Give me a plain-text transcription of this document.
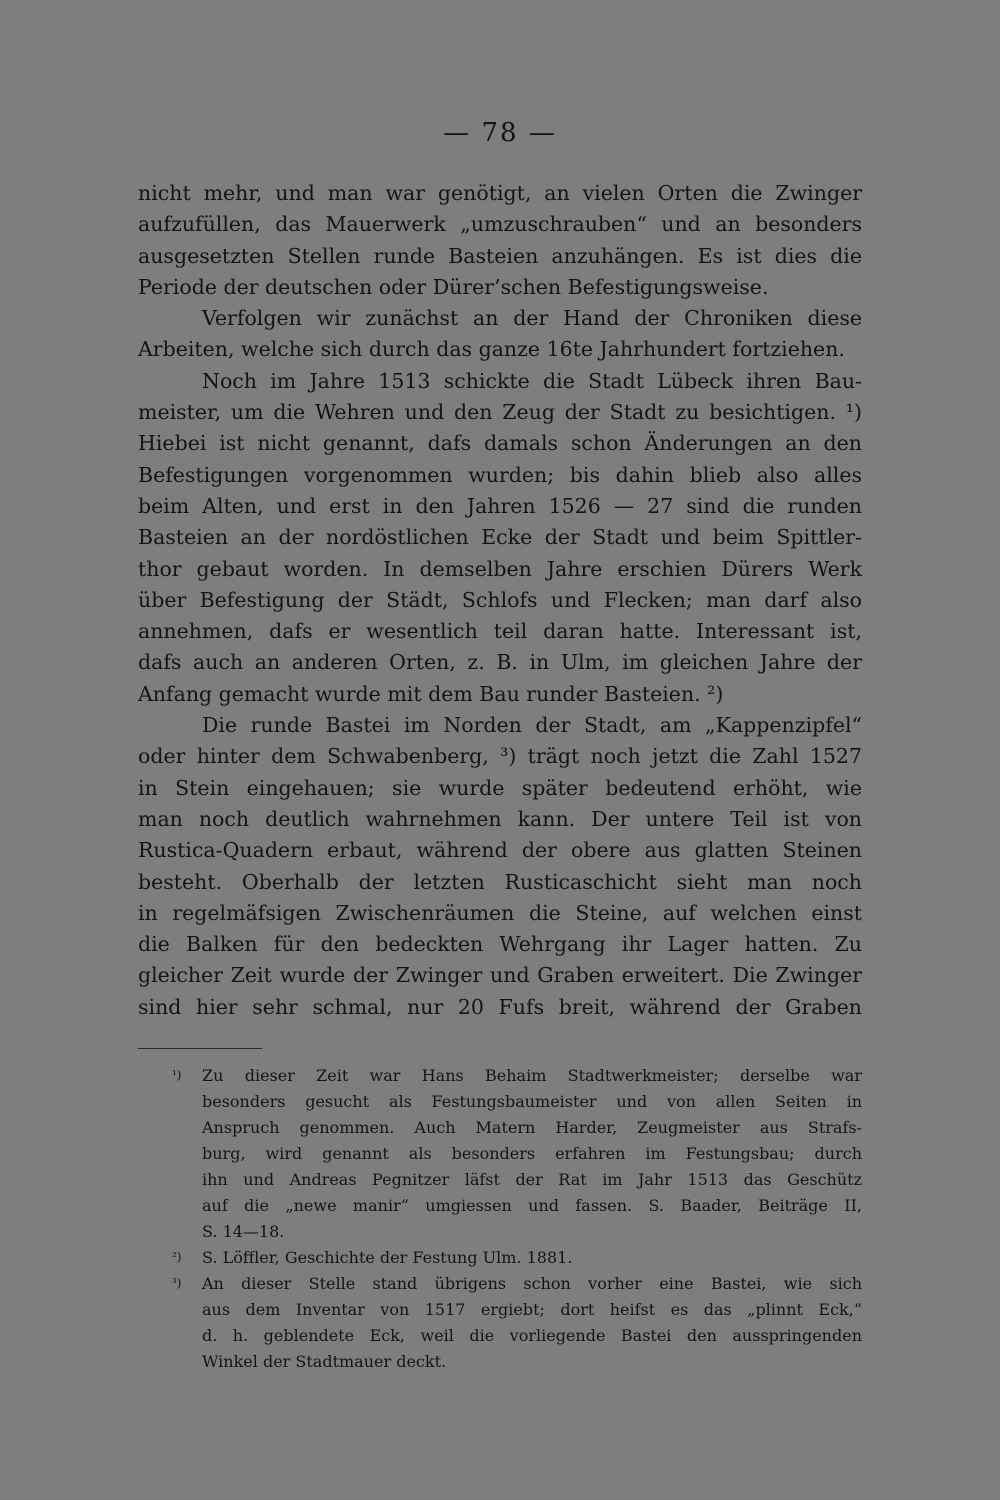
— 78 —
nicht mehr, und man war genötigt, an vielen Orten die Zwinger
aufzufüllen, das Mauerwerk „umzuschrauben“ und an besonders
ausgesetzten Stellen runde Basteien anzuhängen. Es ist dies die
Periode der deutschen oder Dürer’schen Befestigungsweise.
Verfolgen wir zunächst an der Hand der Chroniken diese
Arbeiten, welche sich durch das ganze 16te Jahrhundert fortziehen.
Noch im Jahre 1513 schickte die Stadt Lübeck ihren Bau-
meister, um die Wehren und den Zeug der Stadt zu besichtigen. ¹)
Hiebei ist nicht genannt, dafs damals schon Änderungen an den
Befestigungen vorgenommen wurden; bis dahin blieb also alles
beim Alten, und erst in den Jahren 1526 — 27 sind die runden
Basteien an der nordöstlichen Ecke der Stadt und beim Spittler-
thor gebaut worden. In demselben Jahre erschien Dürers Werk
über Befestigung der Städt, Schlofs und Flecken; man darf also
annehmen, dafs er wesentlich teil daran hatte. Interessant ist,
dafs auch an anderen Orten, z. B. in Ulm, im gleichen Jahre der
Anfang gemacht wurde mit dem Bau runder Basteien. ²)
Die runde Bastei im Norden der Stadt, am „Kappenzipfel“
oder hinter dem Schwabenberg, ³) trägt noch jetzt die Zahl 1527
in Stein eingehauen; sie wurde später bedeutend erhöht, wie
man noch deutlich wahrnehmen kann. Der untere Teil ist von
Rustica-Quadern erbaut, während der obere aus glatten Steinen
besteht. Oberhalb der letzten Rusticaschicht sieht man noch
in regelmäfsigen Zwischenräumen die Steine, auf welchen einst
die Balken für den bedeckten Wehrgang ihr Lager hatten. Zu
gleicher Zeit wurde der Zwinger und Graben erweitert. Die Zwinger
sind hier sehr schmal, nur 20 Fufs breit, während der Graben
¹) Zu dieser Zeit war Hans Behaim Stadtwerkmeister; derselbe war
besonders gesucht als Festungsbaumeister und von allen Seiten in
Anspruch genommen. Auch Matern Harder, Zeugmeister aus Strafs-
burg, wird genannt als besonders erfahren im Festungsbau; durch
ihn und Andreas Pegnitzer läfst der Rat im Jahr 1513 das Geschütz
auf die „newe manir“ umgiessen und fassen. S. Baader, Beiträge II,
S. 14—18.
²) S. Löffler, Geschichte der Festung Ulm. 1881.
³) An dieser Stelle stand übrigens schon vorher eine Bastei, wie sich
aus dem Inventar von 1517 ergiebt; dort heifst es das „plinnt Eck,“
d. h. geblendete Eck, weil die vorliegende Bastei den ausspringenden
Winkel der Stadtmauer deckt.
